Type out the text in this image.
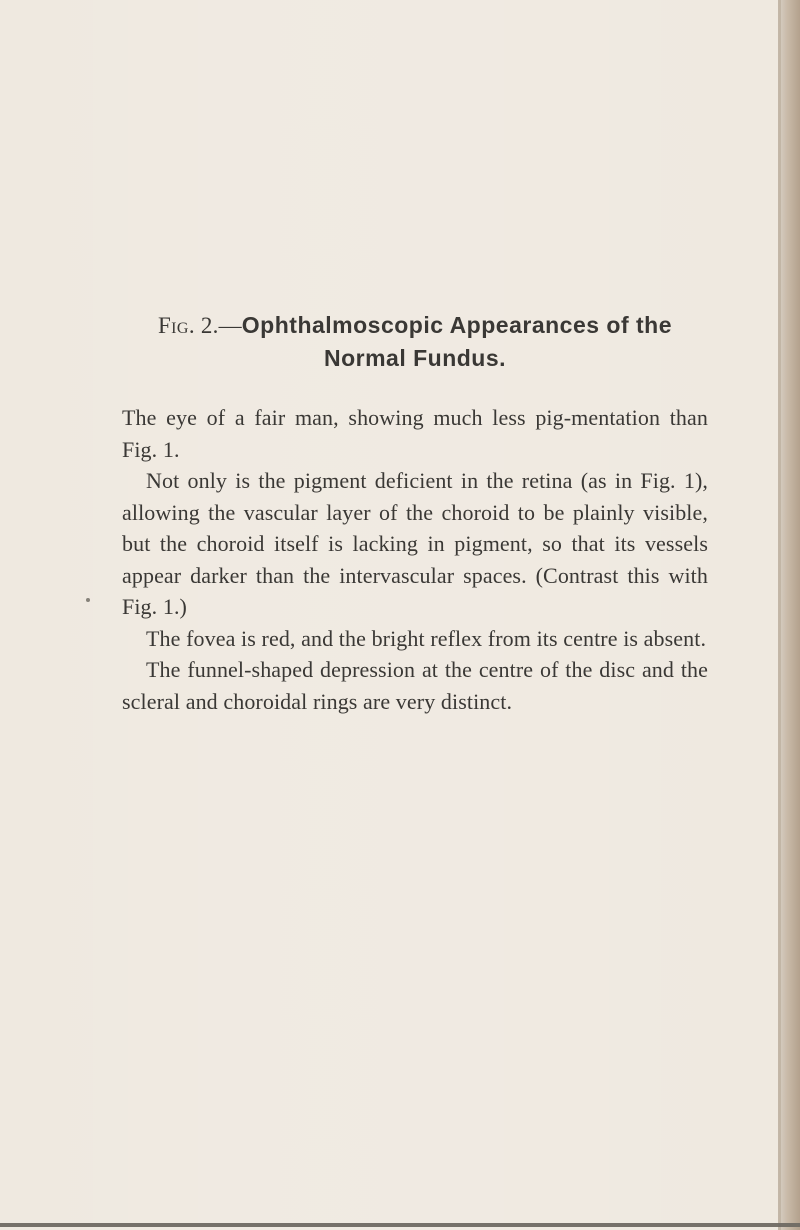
Fig. 2.—Ophthalmoscopic Appearances of the Normal Fundus.

The eye of a fair man, showing much less pig-mentation than Fig. 1.

Not only is the pigment deficient in the retina (as in Fig. 1), allowing the vascular layer of the choroid to be plainly visible, but the choroid itself is lacking in pigment, so that its vessels appear darker than the intervascular spaces. (Contrast this with Fig. 1.)

The fovea is red, and the bright reflex from its centre is absent.

The funnel-shaped depression at the centre of the disc and the scleral and choroidal rings are very distinct.
